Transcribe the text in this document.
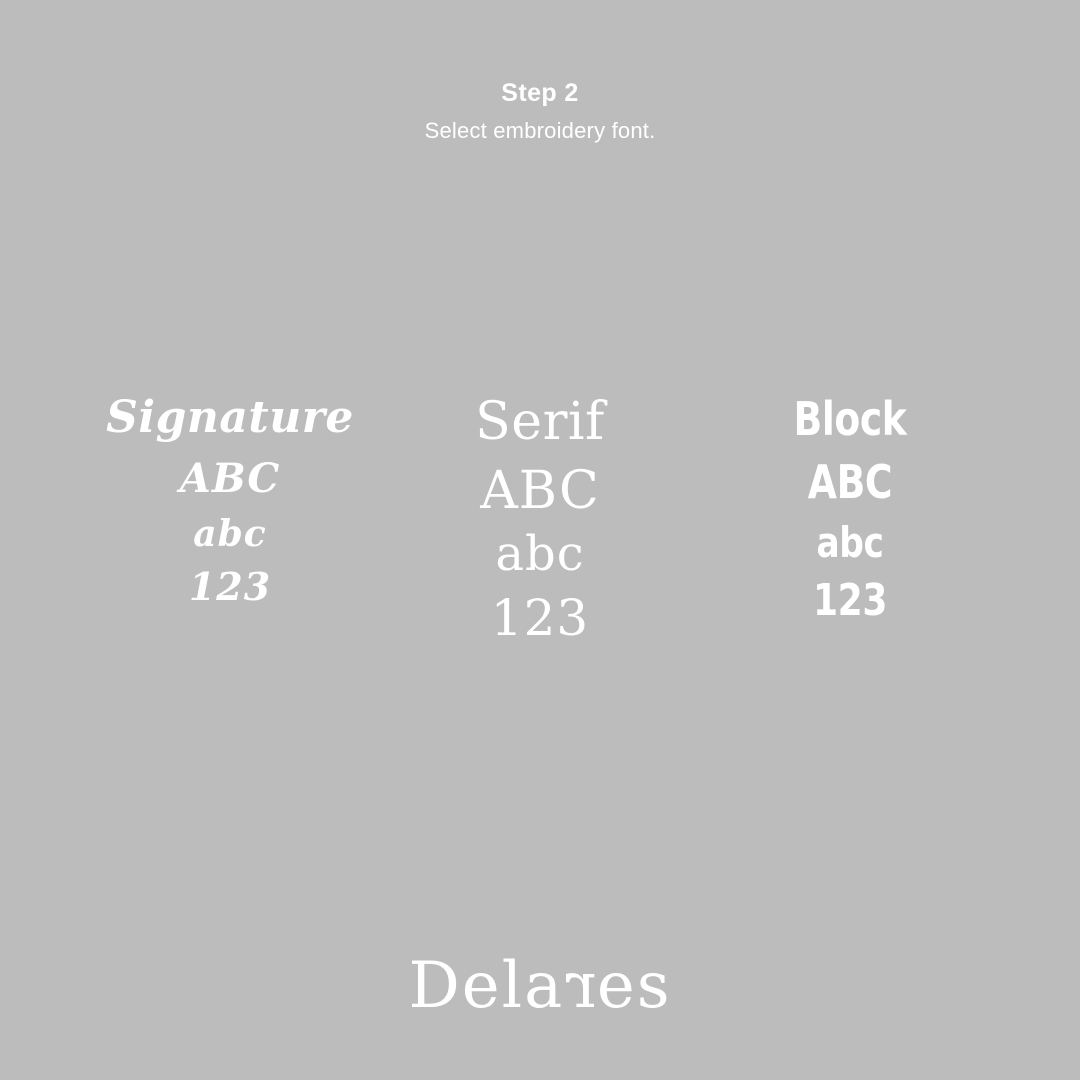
Step 2

Select embroidery font.

Signature
ABC
abc
123
Serif
ABC
abc
123
Block
ABC
abc
123
Delares
